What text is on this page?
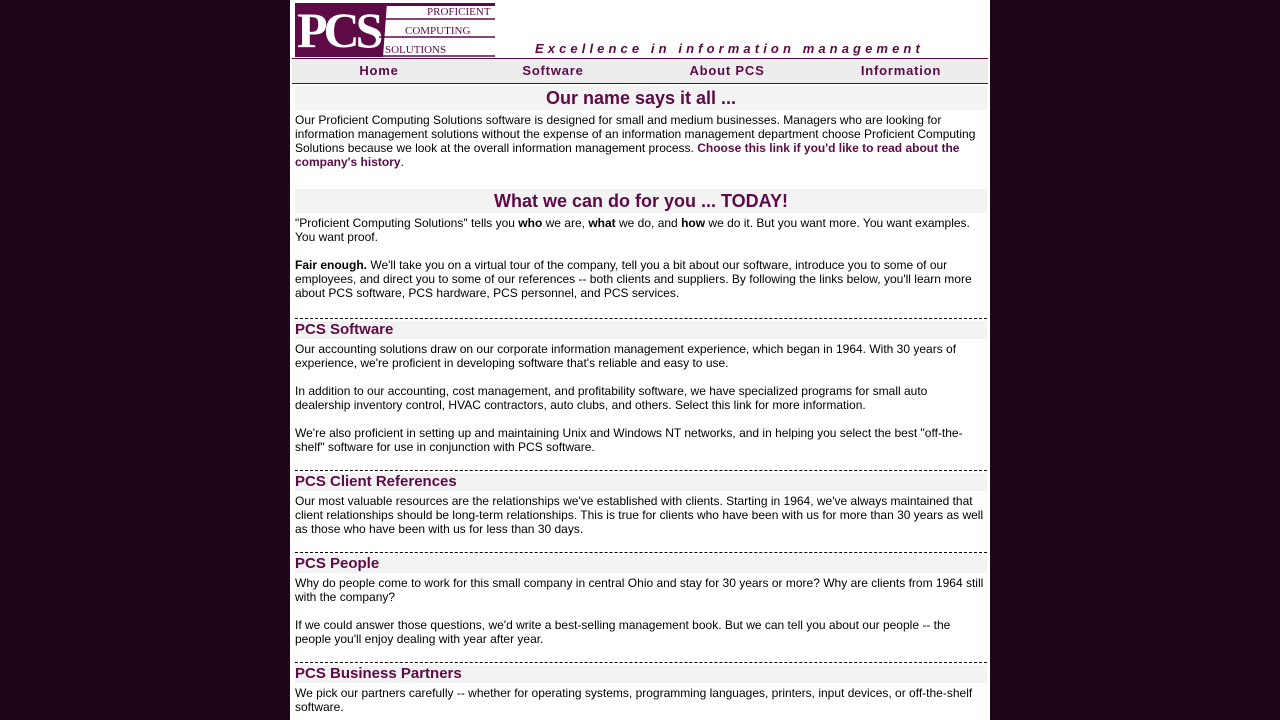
PCS	PROFICIENT
COMPUTING
SOLUTIONS	Excellence in information management
Home	Software	About PCS	Information
Our name says it all ...

Our Proficient Computing Solutions software is designed for small and medium businesses. Managers who are looking for information management solutions without the expense of an information management department choose Proficient Computing Solutions because we look at the overall information management process. Choose this link if you'd like to read about the company's history.

What we can do for you ... TODAY!

"Proficient Computing Solutions" tells you who we are, what we do, and how we do it. But you want more. You want examples. You want proof.

Fair enough. We'll take you on a virtual tour of the company, tell you a bit about our software, introduce you to some of our employees, and direct you to some of our references -- both clients and suppliers. By following the links below, you'll learn more about PCS software, PCS hardware, PCS personnel, and PCS services.

PCS Software

Our accounting solutions draw on our corporate information management experience, which began in 1964. With 30 years of experience, we're proficient in developing software that's reliable and easy to use.

In addition to our accounting, cost management, and profitability software, we have specialized programs for small auto dealership inventory control, HVAC contractors, auto clubs, and others. Select this link for more information.

We're also proficient in setting up and maintaining Unix and Windows NT networks, and in helping you select the best "off-the-shelf" software for use in conjunction with PCS software.

PCS Client References

Our most valuable resources are the relationships we've established with clients. Starting in 1964, we've always maintained that client relationships should be long-term relationships. This is true for clients who have been with us for more than 30 years as well as those who have been with us for less than 30 days.

PCS People

Why do people come to work for this small company in central Ohio and stay for 30 years or more? Why are clients from 1964 still with the company?

If we could answer those questions, we'd write a best-selling management book. But we can tell you about our people -- the people you'll enjoy dealing with year after year.

PCS Business Partners

We pick our partners carefully -- whether for operating systems, programming languages, printers, input devices, or off-the-shelf software.
